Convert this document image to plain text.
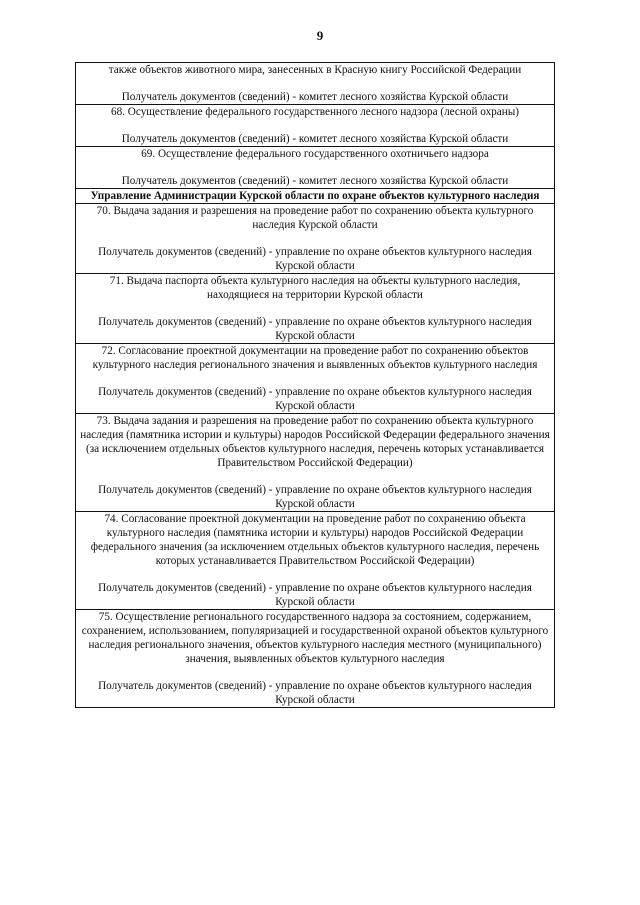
9
также объектов животного мира, занесенных в Красную книгу Российской Федерации
Получатель документов (сведений) - комитет лесного хозяйства Курской области

68. Осуществление федерального государственного лесного надзора (лесной охраны)
Получатель документов (сведений) - комитет лесного хозяйства Курской области

69. Осуществление федерального государственного охотничьего надзора
Получатель документов (сведений) - комитет лесного хозяйства Курской области

Управление Администрации Курской области по охране объектов культурного наследия

70. Выдача задания и разрешения на проведение работ по сохранению объекта культурного наследия Курской области
Получатель документов (сведений) - управление по охране объектов культурного наследия Курской области

71. Выдача паспорта объекта культурного наследия на объекты культурного наследия, находящиеся на территории Курской области
Получатель документов (сведений) - управление по охране объектов культурного наследия Курской области

72. Согласование проектной документации на проведение работ по сохранению объектов культурного наследия регионального значения и выявленных объектов культурного наследия
Получатель документов (сведений) - управление по охране объектов культурного наследия Курской области

73. Выдача задания и разрешения на проведение работ по сохранению объекта культурного наследия (памятника истории и культуры) народов Российской Федерации федерального значения (за исключением отдельных объектов культурного наследия, перечень которых устанавливается Правительством Российской Федерации)
Получатель документов (сведений) - управление по охране объектов культурного наследия Курской области

74. Согласование проектной документации на проведение работ по сохранению объекта культурного наследия (памятника истории и культуры) народов Российской Федерации федерального значения (за исключением отдельных объектов культурного наследия, перечень которых устанавливается Правительством Российской Федерации)
Получатель документов (сведений) - управление по охране объектов культурного наследия Курской области

75. Осуществление регионального государственного надзора за состоянием, содержанием, сохранением, использованием, популяризацией и государственной охраной объектов культурного наследия регионального значения, объектов культурного наследия местного (муниципального) значения, выявленных объектов культурного наследия
Получатель документов (сведений) - управление по охране объектов культурного наследия Курской области
